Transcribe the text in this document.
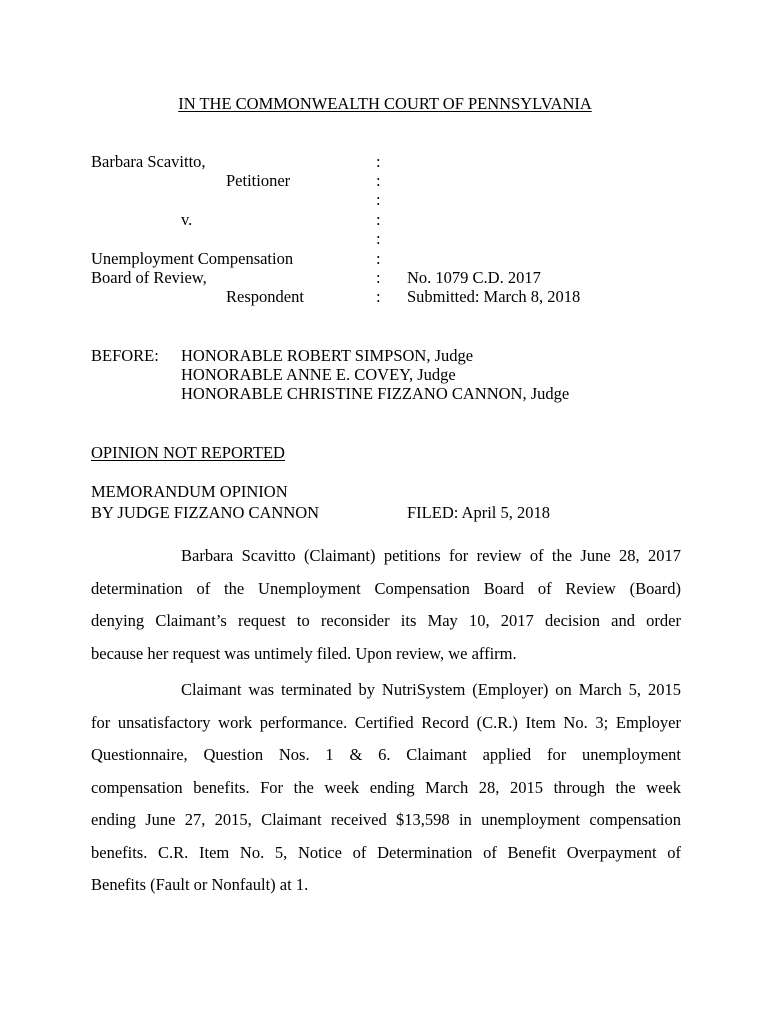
IN THE COMMONWEALTH COURT OF PENNSYLVANIA
Barbara Scavitto,
Petitioner
v.
Unemployment Compensation
Board of Review,
Respondent
:
:
:
:
:
:
:
:
No. 1079 C.D. 2017
Submitted: March 8, 2018
BEFORE: HONORABLE ROBERT SIMPSON, Judge
HONORABLE ANNE E. COVEY, Judge
HONORABLE CHRISTINE FIZZANO CANNON, Judge
OPINION NOT REPORTED
MEMORANDUM OPINION
BY JUDGE FIZZANO CANNON	FILED: April 5, 2018
Barbara Scavitto (Claimant) petitions for review of the June 28, 2017
determination of the Unemployment Compensation Board of Review (Board)
denying Claimant’s request to reconsider its May 10, 2017 decision and order
because her request was untimely filed. Upon review, we affirm.
Claimant was terminated by NutriSystem (Employer) on March 5, 2015
for unsatisfactory work performance. Certified Record (C.R.) Item No. 3; Employer
Questionnaire, Question Nos. 1 & 6. Claimant applied for unemployment
compensation benefits. For the week ending March 28, 2015 through the week
ending June 27, 2015, Claimant received $13,598 in unemployment compensation
benefits. C.R. Item No. 5, Notice of Determination of Benefit Overpayment of
Benefits (Fault or Nonfault) at 1.
